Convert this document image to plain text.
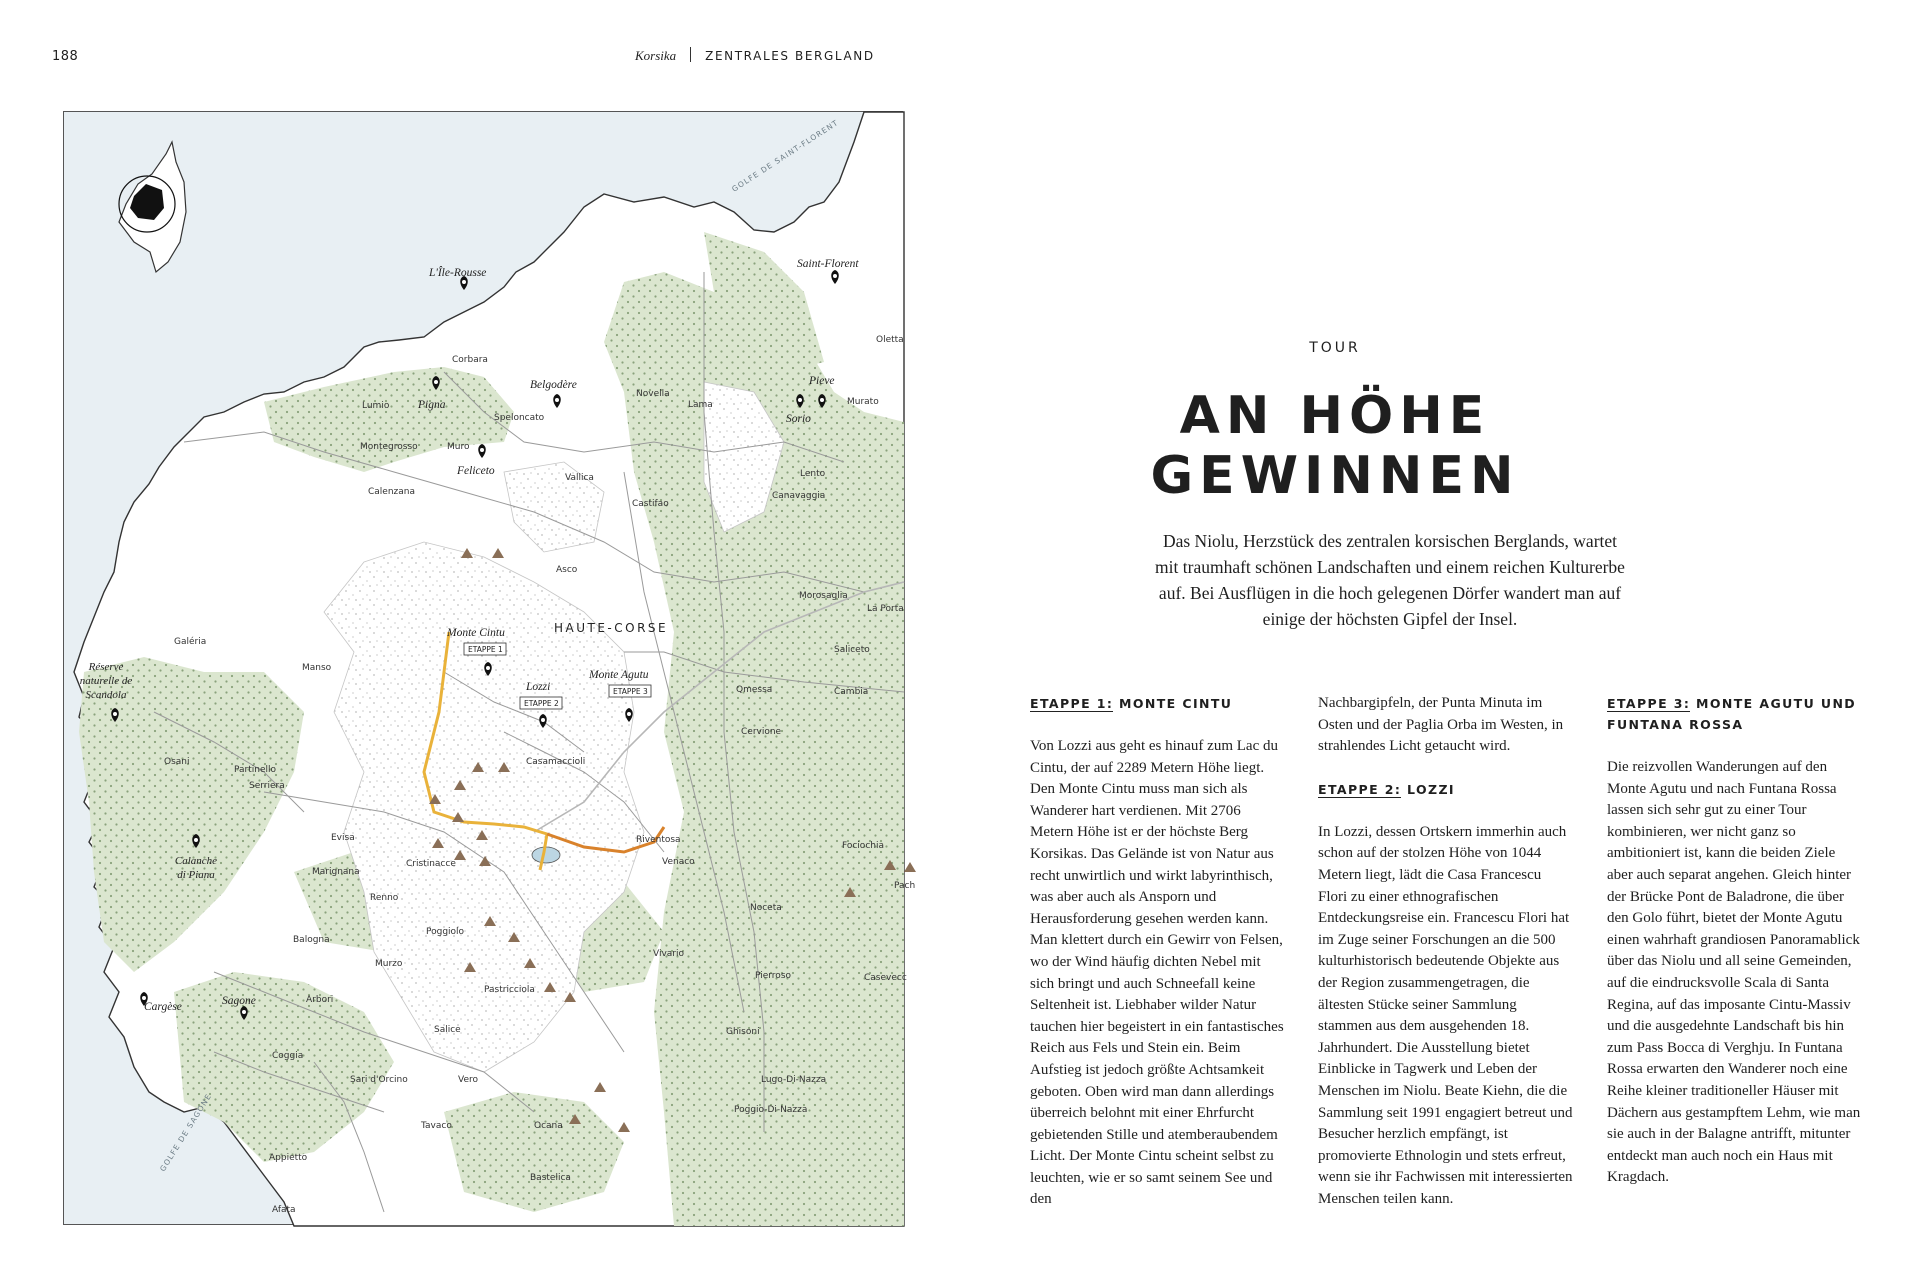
188	Korsika ZENTRALES BERGLAND
ETAPPE 1
ETAPPE 2
ETAPPE 3
GOLFE DE SAINT-FLORENT
GOLFE DE SAGONE
HAUTE-CORSE
L'Île-Rousse
Saint-Florent
Pigna
Belgodère	Pieve
Sorio
Feliceto
Monte Cintu
Lozzi
Monte Agutu
Cargèse	Sagone
Réserve naturelle de Scandola
Calanche di Piana
Oletta
Corbara
Lumio
Novella
Lama	Murato
Speloncato
Montegrosso	Muro
Vallica	Lento
Calenzana
Castifao
Canavaggia
Asco
Morosaglia
La Porta
Galéria
Manso
Saliceto
Qmessa	Cambia
Cervione
Casamaccioli
Osani
Partinello
Serriera
Evisa
Cristinacce
Riventosa
Venaco
Fociochia
Marignana
Pach
Renno
Noceta
Balogna
Poggiolo
Murzo
Vivario
Pierroso	Casevecc
Arbori
Pastricciola
Salice	Ghisoni
Coggia
Sari d'Orcino	Vero	Lugo-Di-Nazza
Poggio-Di-Nazza
Tavaco	Ocana
Appietto
Bastelica
Afata
TOUR
AN HÖHE
GEWINNEN
Das Niolu, Herzstück des zentralen korsischen Berglands, wartet mit traumhaft schönen Landschaften und einem reichen Kulturerbe auf. Bei Ausflügen in die hoch gelegenen Dörfer wandert man auf einige der höchsten Gipfel der Insel.
ETAPPE 1: MONTE CINTU

Von Lozzi aus geht es hinauf zum Lac du Cintu, der auf 2289 Metern Höhe liegt. Den Monte Cintu muss man sich als Wanderer hart verdienen. Mit 2706 Metern Höhe ist er der höchste Berg Korsikas. Das Gelände ist von Natur aus recht unwirtlich und wirkt labyrinthisch, was aber auch als Ansporn und Herausforderung gesehen werden kann. Man klettert durch ein Gewirr von Felsen, wo der Wind häufig dichten Nebel mit sich bringt und auch Schneefall keine Seltenheit ist. Liebhaber wilder Natur tauchen hier begeistert in ein fantastisches Reich aus Fels und Stein ein. Beim Aufstieg ist jedoch größte Achtsamkeit geboten. Oben wird man dann allerdings überreich belohnt mit einer Ehrfurcht gebietenden Stille und atemberaubendem Licht. Der Monte Cintu scheint selbst zu leuchten, wie er so samt seinem See und den

Nachbargipfeln, der Punta Minuta im Osten und der Paglia Orba im Westen, in strahlendes Licht getaucht wird.

ETAPPE 2: LOZZI

In Lozzi, dessen Ortskern immerhin auch schon auf der stolzen Höhe von 1044 Metern liegt, lädt die Casa Francescu Flori zu einer ethnografischen Entdeckungsreise ein. Francescu Flori hat im Zuge seiner Forschungen an die 500 kulturhistorisch bedeutende Objekte aus der Region zusammengetragen, die ältesten Stücke seiner Sammlung stammen aus dem ausgehenden 18. Jahrhundert. Die Ausstellung bietet Einblicke in Tagwerk und Leben der Menschen im Niolu. Beate Kiehn, die die Sammlung seit 1991 engagiert betreut und Besucher herzlich empfängt, ist promovierte Ethnologin und stets erfreut, wenn sie ihr Fachwissen mit interessierten Menschen teilen kann.

ETAPPE 3: MONTE AGUTU UND FUNTANA ROSSA

Die reizvollen Wanderungen auf den Monte Agutu und nach Funtana Rossa lassen sich sehr gut zu einer Tour kombinieren, wer nicht ganz so ambitioniert ist, kann die beiden Ziele aber auch separat angehen. Gleich hinter der Brücke Pont de Baladrone, die über den Golo führt, bietet der Monte Agutu einen wahrhaft grandiosen Panoramablick über das Niolu und all seine Gemeinden, auf die eindrucksvolle Scala di Santa Regina, auf das imposante Cintu-Massiv und die ausgedehnte Landschaft bis hin zum Pass Bocca di Verghju. In Funtana Rossa erwarten den Wanderer noch eine Reihe kleiner traditioneller Häuser mit Dächern aus gestampftem Lehm, wie man sie auch in der Balagne antrifft, mitunter entdeckt man auch noch ein Haus mit Kragdach.
